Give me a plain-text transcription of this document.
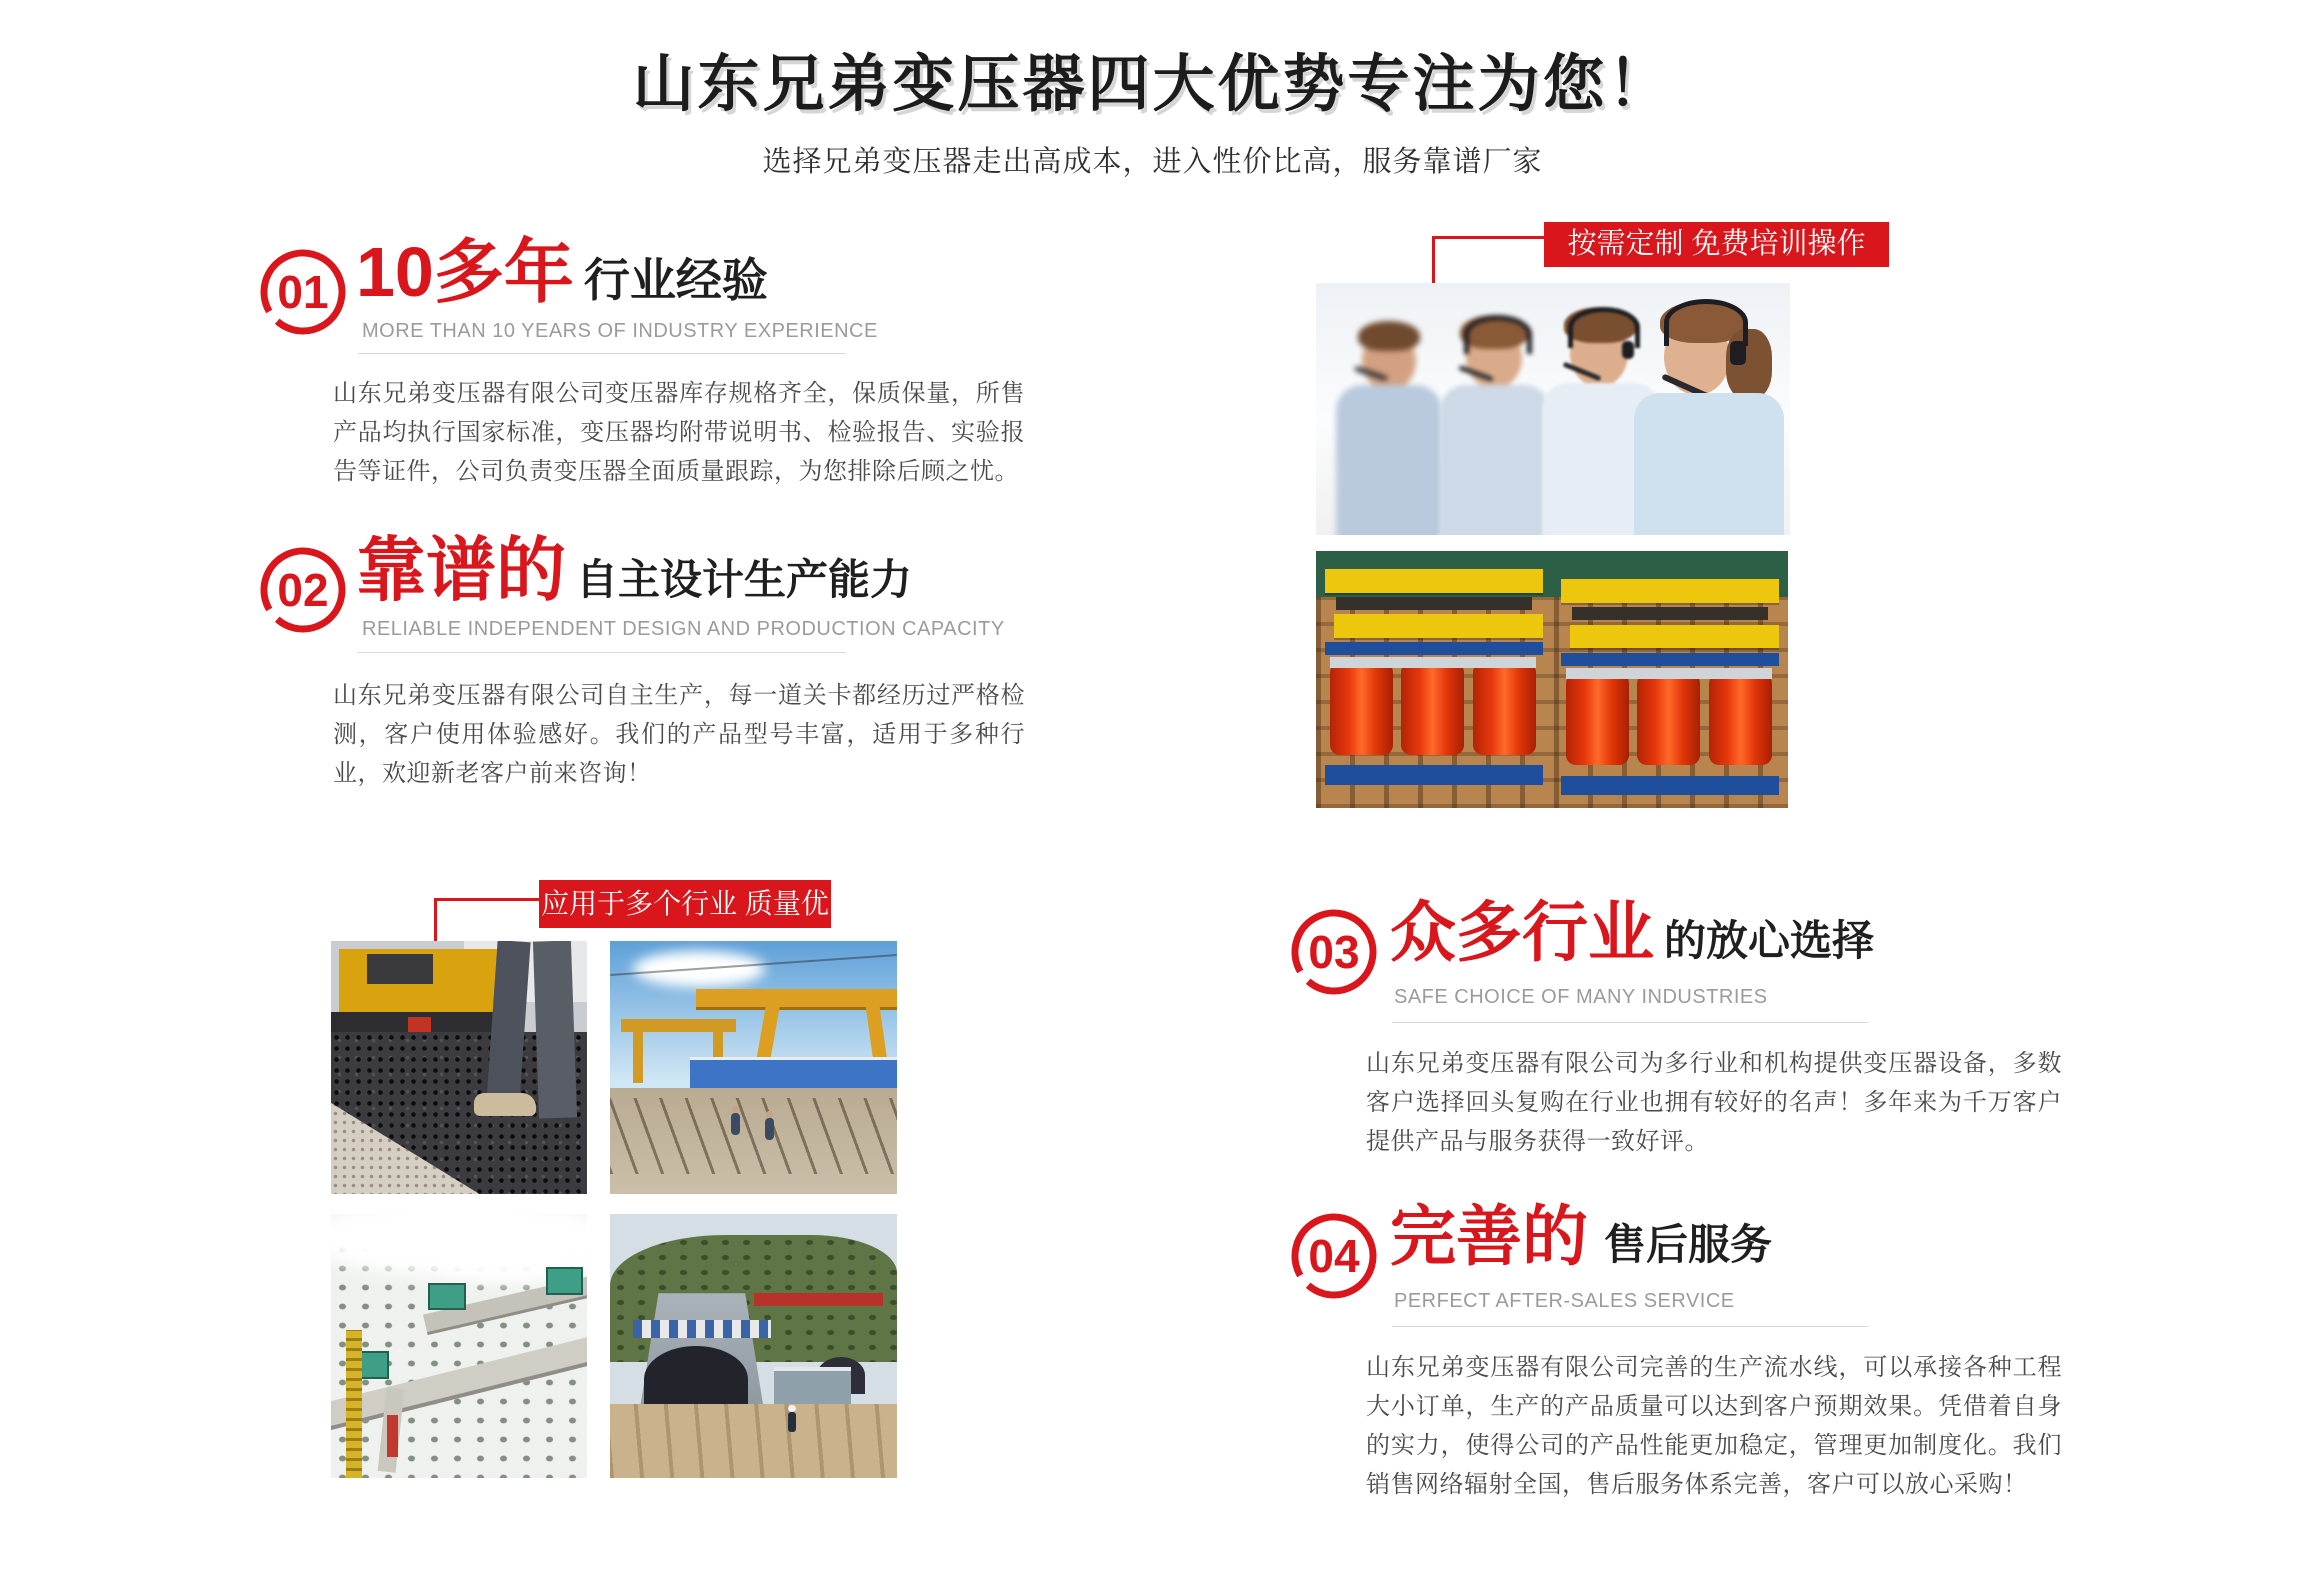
山东兄弟变压器四大优势专注为您！
选择兄弟变压器走出高成本，进入性价比高，服务靠谱厂家
01 10多年 行业经验
MORE THAN 10 YEARS OF INDUSTRY EXPERIENCE
山东兄弟变压器有限公司变压器库存规格齐全，保质保量，所售产品均执行国家标准，变压器均附带说明书、检验报告、实验报告等证件，公司负责变压器全面质量跟踪，为您排除后顾之忧。
02 靠谱的 自主设计生产能力
RELIABLE INDEPENDENT DESIGN AND PRODUCTION CAPACITY
山东兄弟变压器有限公司自主生产，每一道关卡都经历过严格检测，客户使用体验感好。我们的产品型号丰富，适用于多种行业，欢迎新老客户前来咨询！
应用于多个行业 质量优
按需定制 免费培训操作
03 众多行业 的放心选择
SAFE CHOICE OF MANY INDUSTRIES
山东兄弟变压器有限公司为多行业和机构提供变压器设备，多数客户选择回头复购在行业也拥有较好的名声！多年来为千万客户提供产品与服务获得一致好评。
04 完善的 售后服务
PERFECT AFTER-SALES SERVICE
山东兄弟变压器有限公司完善的生产流水线，可以承接各种工程大小订单，生产的产品质量可以达到客户预期效果。凭借着自身的实力，使得公司的产品性能更加稳定，管理更加制度化。我们销售网络辐射全国，售后服务体系完善，客户可以放心采购！
